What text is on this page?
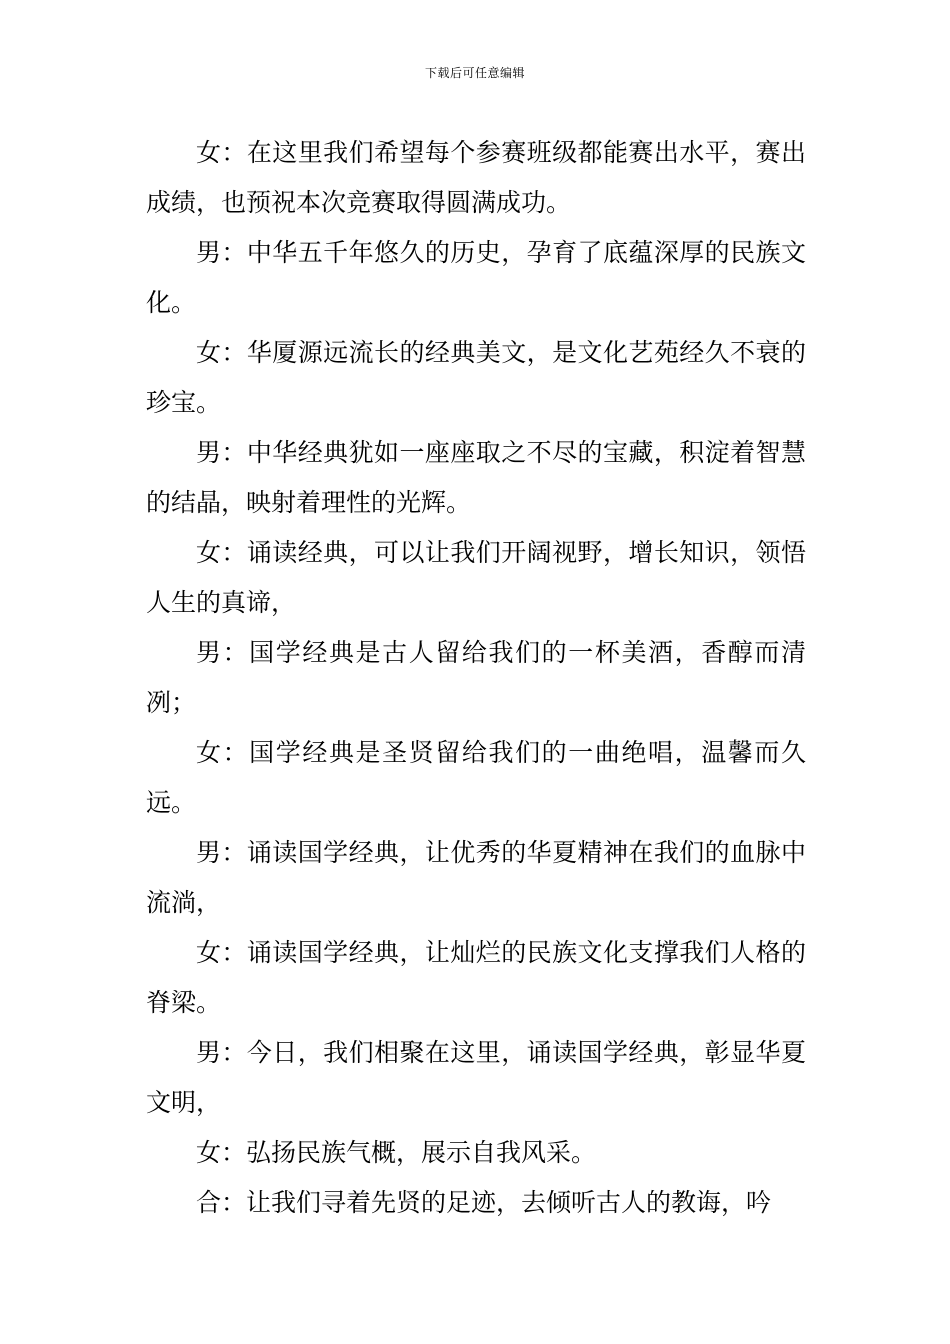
下载后可任意编辑

女：在这里我们希望每个参赛班级都能赛出水平，赛出成绩，也预祝本次竞赛取得圆满成功。

男：中华五千年悠久的历史，孕育了底蕴深厚的民族文化。

女：华厦源远流长的经典美文，是文化艺苑经久不衰的珍宝。

男：中华经典犹如一座座取之不尽的宝藏，积淀着智慧的结晶，映射着理性的光辉。

女：诵读经典，可以让我们开阔视野，增长知识，领悟人生的真谛，

男：国学经典是古人留给我们的一杯美酒，香醇而清冽；

女：国学经典是圣贤留给我们的一曲绝唱，温馨而久远。

男：诵读国学经典，让优秀的华夏精神在我们的血脉中流淌，

女：诵读国学经典，让灿烂的民族文化支撑我们人格的脊梁。

男：今日，我们相聚在这里，诵读国学经典，彰显华夏文明，

女：弘扬民族气概，展示自我风采。

合：让我们寻着先贤的足迹，去倾听古人的教诲，吟
